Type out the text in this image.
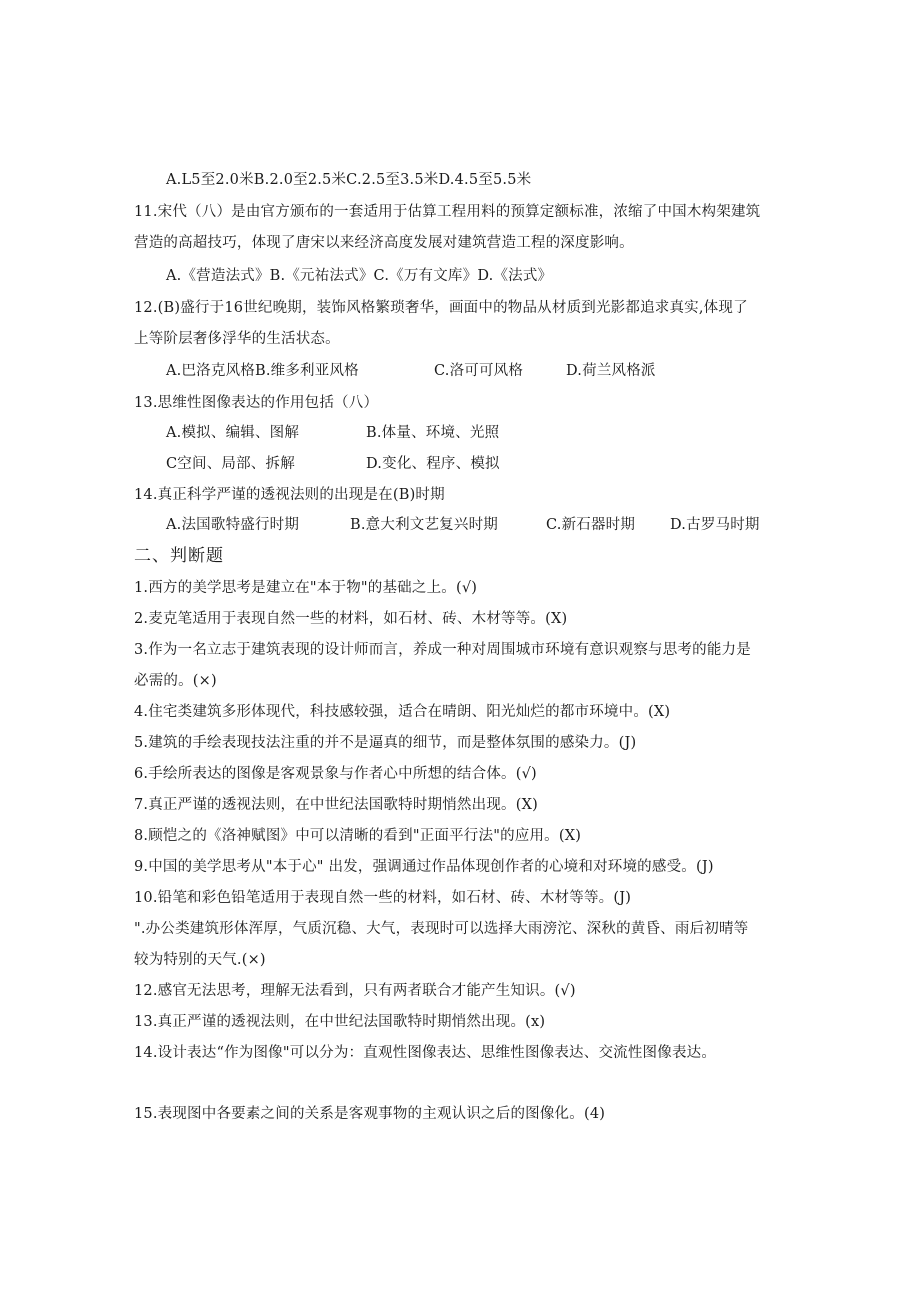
A.L5至2.0米B.2.0至2.5米C.2.5至3.5米D.4.5至5.5米
11.宋代（八）是由官方颁布的一套适用于估算工程用料的预算定额标准，浓缩了中国木构架建筑
营造的高超技巧，体现了唐宋以来经济高度发展对建筑营造工程的深度影响。
A.《营造法式》B.《元祐法式》C.《万有文库》D.《法式》
12.(B)盛行于16世纪晚期，装饰风格繁琐奢华，画面中的物品从材质到光影都追求真实,体现了
上等阶层奢侈浮华的生活状态。
A.巴洛克风格B.维多利亚风格	C.洛可可风格	D.荷兰风格派
13.思维性图像表达的作用包括（八）
A.模拟、编辑、图解	B.体量、环境、光照
C空间、局部、拆解	D.变化、程序、模拟
14.真正科学严谨的透视法则的出现是在(B)时期
A.法国歌特盛行时期	B.意大利文艺复兴时期	C.新石器时期 D.古罗马时期
二、判断题
1.西方的美学思考是建立在"本于物"的基础之上。(√)
2.麦克笔适用于表现自然一些的材料，如石材、砖、木材等等。(X)
3.作为一名立志于建筑表现的设计师而言，养成一种对周围城市环境有意识观察与思考的能力是
必需的。(×)
4.住宅类建筑多形体现代，科技感较强，适合在晴朗、阳光灿烂的都市环境中。(X)
5.建筑的手绘表现技法注重的并不是逼真的细节，而是整体氛围的感染力。(J)
6.手绘所表达的图像是客观景象与作者心中所想的结合体。(√)
7.真正严谨的透视法则，在中世纪法国歌特时期悄然出现。(X)
8.顾恺之的《洛神赋图》中可以清晰的看到"正面平行法"的应用。(X)
9.中国的美学思考从"本于心" 出发，强调通过作品体现创作者的心境和对环境的感受。(J)
10.铅笔和彩色铅笔适用于表现自然一些的材料，如石材、砖、木材等等。(J)
".办公类建筑形体浑厚，气质沉稳、大气，表现时可以选择大雨滂沱、深秋的黄昏、雨后初晴等
较为特别的天气.(×)
12.感官无法思考，理解无法看到，只有两者联合才能产生知识。(√)
13.真正严谨的透视法则，在中世纪法国歌特时期悄然出现。(x)
14.设计表达“作为图像"可以分为：直观性图像表达、思维性图像表达、交流性图像表达。
15.表现图中各要素之间的关系是客观事物的主观认识之后的图像化。(4)
